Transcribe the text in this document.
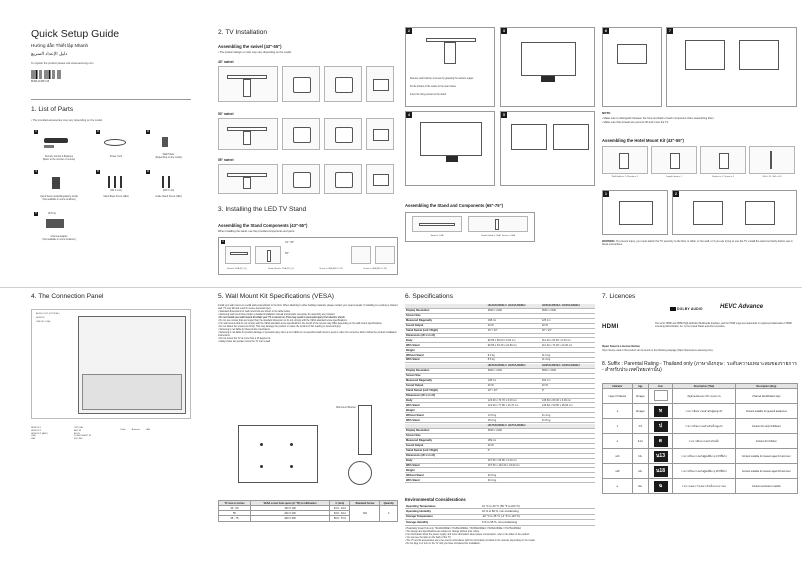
Quick Setup Guide
Hướng dẫn Thiết lập Nhanh
دليل الإعداد السريع
To register the product please visit www.samsung.com
BN68-11483Y-08
1. List of Parts
• The provided accessories may vary depending on the model.
1
Remote Control & Batteries
(Refer to the number of remote)
2
Power Cord
3
Wall Holder
(Depending on the model)
4
Quick Setup Guide/Regulatory Guide
(Not available in some locations)
5
(M4 X L12)
Stand Base Screw (4EA)
6
(M4 X L14)
Guide Stand Screw (4EA)
7	(8 Pins)
Antenna Adapter
(Not available in some locations)
2. TV Installation
Assembling the swivel (43"-55")
• The product design or color may vary depending on the model.
43" swivel
50" swivel
55" swivel
3. Installing the LED TV Stand
Assembling the Stand Components (43"-55")
When installing the stand, use the provided components and parts.
1	43", 50"
55"
Stand x 1 EA (R) / (L)	Guide Stand x 1 EA (R) / (L)	Screw x 4 EA (M4 X L12)	Screw x 4 EA (M4 X L14)
2
Remove and hold the 4 screws by grasping the swivel's edges.
Fit the bottom of the swivel to the outer frame.
Insert the fixing screws to the stand.
3
4	5
Assembling the Stand and Components (65"-75")
Stand x 1 EA	Guide Stand x 1 EA / Screw x 4 EA
6	7
NOTE
• Make sure to distinguish between the front and back of each component when assembling them.
• Make sure that at least two persons lift and move the TV.
Assembling the Hotel Mount Kit (43"-55")
Wall Holder x 1 / Bracket x 1	Length Guide x 1	Bracket x 1 / Screw x 4	M4 x L12 / M4 x L14
1	2
WARNING: To prevent injury, you must attach the TV securely to the floor or table, or the wall, or if you are trying to use the TV, install the stand correctly before use in these instructions.
4. The Connection Panel
AUDIO OUT (OPTICAL)
HDMI IN
USB (5V 0.5A)
HDMI IN 1
HDMI IN 2
HDMI IN 3 (ARC)
USB
LAN
OPTICAL
ANT IN
AV IN
COMPONENT IN
EX-LINK
Cable	Antenna	LAN
5. Wall Mount Kit Specifications (VESA)
Install your wall mount on a solid wall perpendicular to the floor. When attaching to other building materials, please contact your nearest dealer. If installing on a ceiling or slanted wall, TV may fall and result in severe personal injury.
• Standard dimensions for wall mount kits are shown in the table below.
• Samsung wall mount kits contain a detailed installation manual and all parts necessary for assembly are provided.
• Do not install your wall mount kit while your TV is turned on. This may result in personal injury from electric shock.
• Do not use screws that are longer than the standard dimension or do not comply with the VESA standard screw specifications.
• For wall mounts that do not comply with the VESA standard screw specifications, the length of the screws may differ depending on the wall mount specifications.
• Do not fasten the screws too firmly. This may damage the product or cause the product to fall, leading to personal injury.
• Samsung is not liable for these kinds of accidents.
• Samsung is not liable for product damage or personal injury when a non-VESA or non-specified wall mount is used or when the consumer fails to follow the product installation instructions.
• Do not mount the TV at more than a 15 degree tilt.
• Always have two people mount the TV onto a wall.
Wall mount Bracket
TV size in inches	VESA screw hole specs (A * B) in millimeters	C (mm)	Standard Screw	Quantity
43 - 50	100 X 100	43.6 - 44.0	M4	4
55	200 X 200	63.8 - 64.2		
65 - 75	400 X 300	56.6 - 57.0		
6. Specifications
	HG43AU800EJ / HG43AJ690EJ	HG50AU800EJ / HG50AJ690EJ
Display Resolution	3840 x 2160	3840 x 2160
Screen Size		
Measured Diagonally	108 cm	125 cm
Sound Output	20 W	20 W
Stand Swivel (Left / Right)	20° / 20°	20° / 20°
Dimensions (W x H x D)		
Body	96.55 x 56.00 x 6.00 cm	112.40 x 64.60 x 6.00 cm
With Stand	96.55 x 63.40 x 22.80 cm	112.40 x 72.00 x 24.00 cm
Weight		
Without Stand	8.3 kg	11.0 kg
With Stand	8.5 kg	11.3 kg
	HG55AU800EJ / HG55AJ690EJ	HG65AU800EJ / HG65AJ690EJ
Display Resolution	3840 x 2160	3840 x 2160
Screen Size		
Measured Diagonally	138 cm	163 cm
Sound Output	20 W	20 W
Stand Swivel (Left / Right)	20° / 20°	0°
Dimensions (W x H x D)		
Body	123.30 x 70.70 x 6.00 cm	145.60 x 83.30 x 6.00 cm
With Stand	123.30 x 77.80 x 24.70 cm	145.60 x 90.80 x 28.90 cm
Weight		
Without Stand	14.5 kg	21.4 kg
With Stand	15.0 kg	21.8 kg
	HG75AU800EJ / HG75AJ690EJ
Display Resolution	3840 x 2160
Screen Size	
Measured Diagonally	189 cm
Sound Output	20 W
Stand Swivel (Left / Right)	0°
Dimensions (W x H x D)	
Body	167.50 x 95.80 x 6.00 cm
With Stand	167.50 x 103.40 x 33.60 cm
Weight	
Without Stand	32.9 kg
With Stand	33.4 kg
Environmental Considerations
Operating Temperature	10 °C to 40 °C (50 °F to 104 °F)
Operating Humidity	10 % to 80 %, non-condensing
Storage Temperature	-20 °C to 45 °C (-4 °F to 113 °F)
Storage Humidity	5 % to 95 %, non-condensing
• Hospitality Smart Hub only: HG43AU800EJ / HG50AU800EJ / HG55AU800EJ / HG65AU800EJ / HG75AU800EJ
• The design and specifications are subject to change without prior notice.
• For information about the power supply, and more information about power consumption, refer to the label on the product.
• You can see the label on the back of the TV.
• The TV and its accessories are to be used in accordance with the information provided in the manual, depending on the model.
• Do not plug in or turn on the TV until you have completed the installation.
7. Licences
DOLBY AUDIO	HEVC Advance
HDMI	The terms HDMI and HDMI High-Definition Multimedia Interface, and the HDMI Logo are trademarks or registered trademarks of HDMI Licensing Administrator, Inc. in the United States and other countries.
Open Source License Notice
Open Source used in this product can be found on the following webpage (https://opensource.samsung.com).
8. Suffix : Parental Rating - Thailand only (ภาษาอังกฤษ : ระดับความเหมาะสมของรายการ - สำหรับประเทศไทยเท่านั้น)
Indicator	Age	Icon	Description (Thai)	Description (Eng)
Logo of Channel	All ages		สัญลักษณ์ของสถานีการแพร่ภาพ	Channel identification logo
ท	All ages	ท	รายการที่เหมาะสมสำหรับผู้ชมทุกวัย	Content suitable for general audiences
ป	3-5	ป	รายการที่เหมาะสมสำหรับเด็กปฐมวัย	Content for early childhood
ด	6-12	ด	รายการที่เหมาะสมสำหรับเด็ก	Content for children
น13	13+	น13	รายการที่เหมาะสมกับผู้ชมที่มีอายุ 13 ปีขึ้นไป	Content suitable for viewers aged 13 and over
น18	18+	น18	รายการที่เหมาะสมกับผู้ชมที่มีอายุ 18 ปีขึ้นไป	Content suitable for viewers aged 18 and over
ฉ	20+	ฉ	รายการเฉพาะ ไม่เหมาะกับเด็กและเยาวชน	Content exclusive to adults
